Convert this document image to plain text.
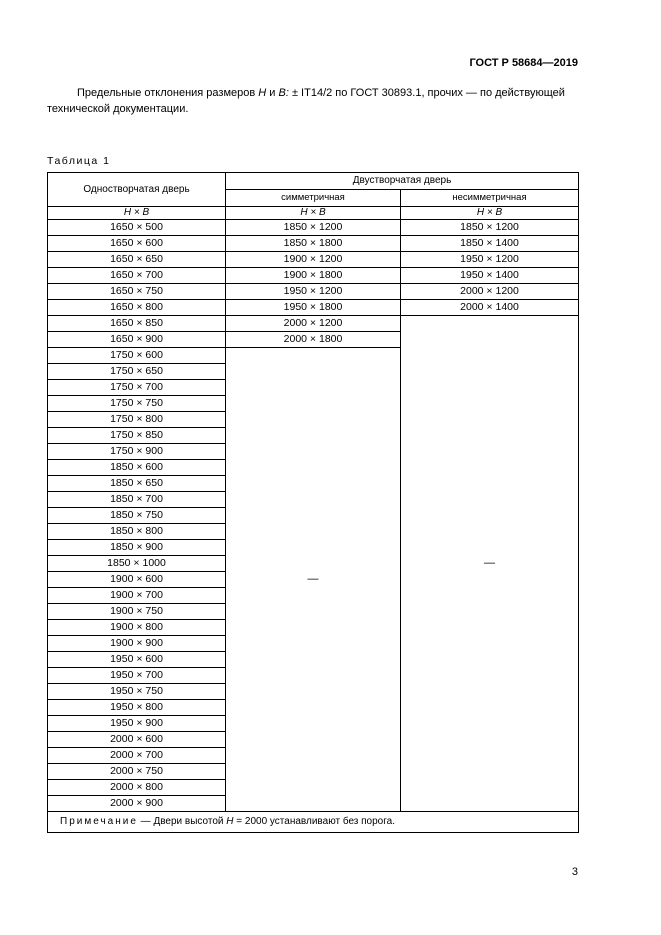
ГОСТ Р 58684—2019

Предельные отклонения размеров Н и В: ± IT14/2 по ГОСТ 30893.1, прочих — по действующей технической документации.

Таблица 1
Одностворчатая дверь	Двустворчатая дверь	
	симметричная	несимметричная
Н × В	Н × В	Н × В
1650 × 500	1850 × 1200	1850 × 1200
1650 × 600	1850 × 1800	1850 × 1400
1650 × 650	1900 × 1200	1950 × 1200
1650 × 700	1900 × 1800	1950 × 1400
1650 × 750	1950 × 1200	2000 × 1200
1650 × 800	1950 × 1800	2000 × 1400
1650 × 850	2000 × 1200	—
1650 × 900	2000 × 1800	
1750 × 600	—	
1750 × 650		
1750 × 700		
1750 × 750		
1750 × 800		
1750 × 850		
1750 × 900		
1850 × 600		
1850 × 650		
1850 × 700		
1850 × 750		
1850 × 800		
1850 × 900		
1850 × 1000		
1900 × 600		
1900 × 700		
1900 × 750		
1900 × 800		
1900 × 900		
1950 × 600		
1950 × 700		
1950 × 750		
1950 × 800		
1950 × 900		
2000 × 600		
2000 × 700		
2000 × 750		
2000 × 800		
2000 × 900		
Примечание — Двери высотой Н = 2000 устанавливают без порога.		
3
